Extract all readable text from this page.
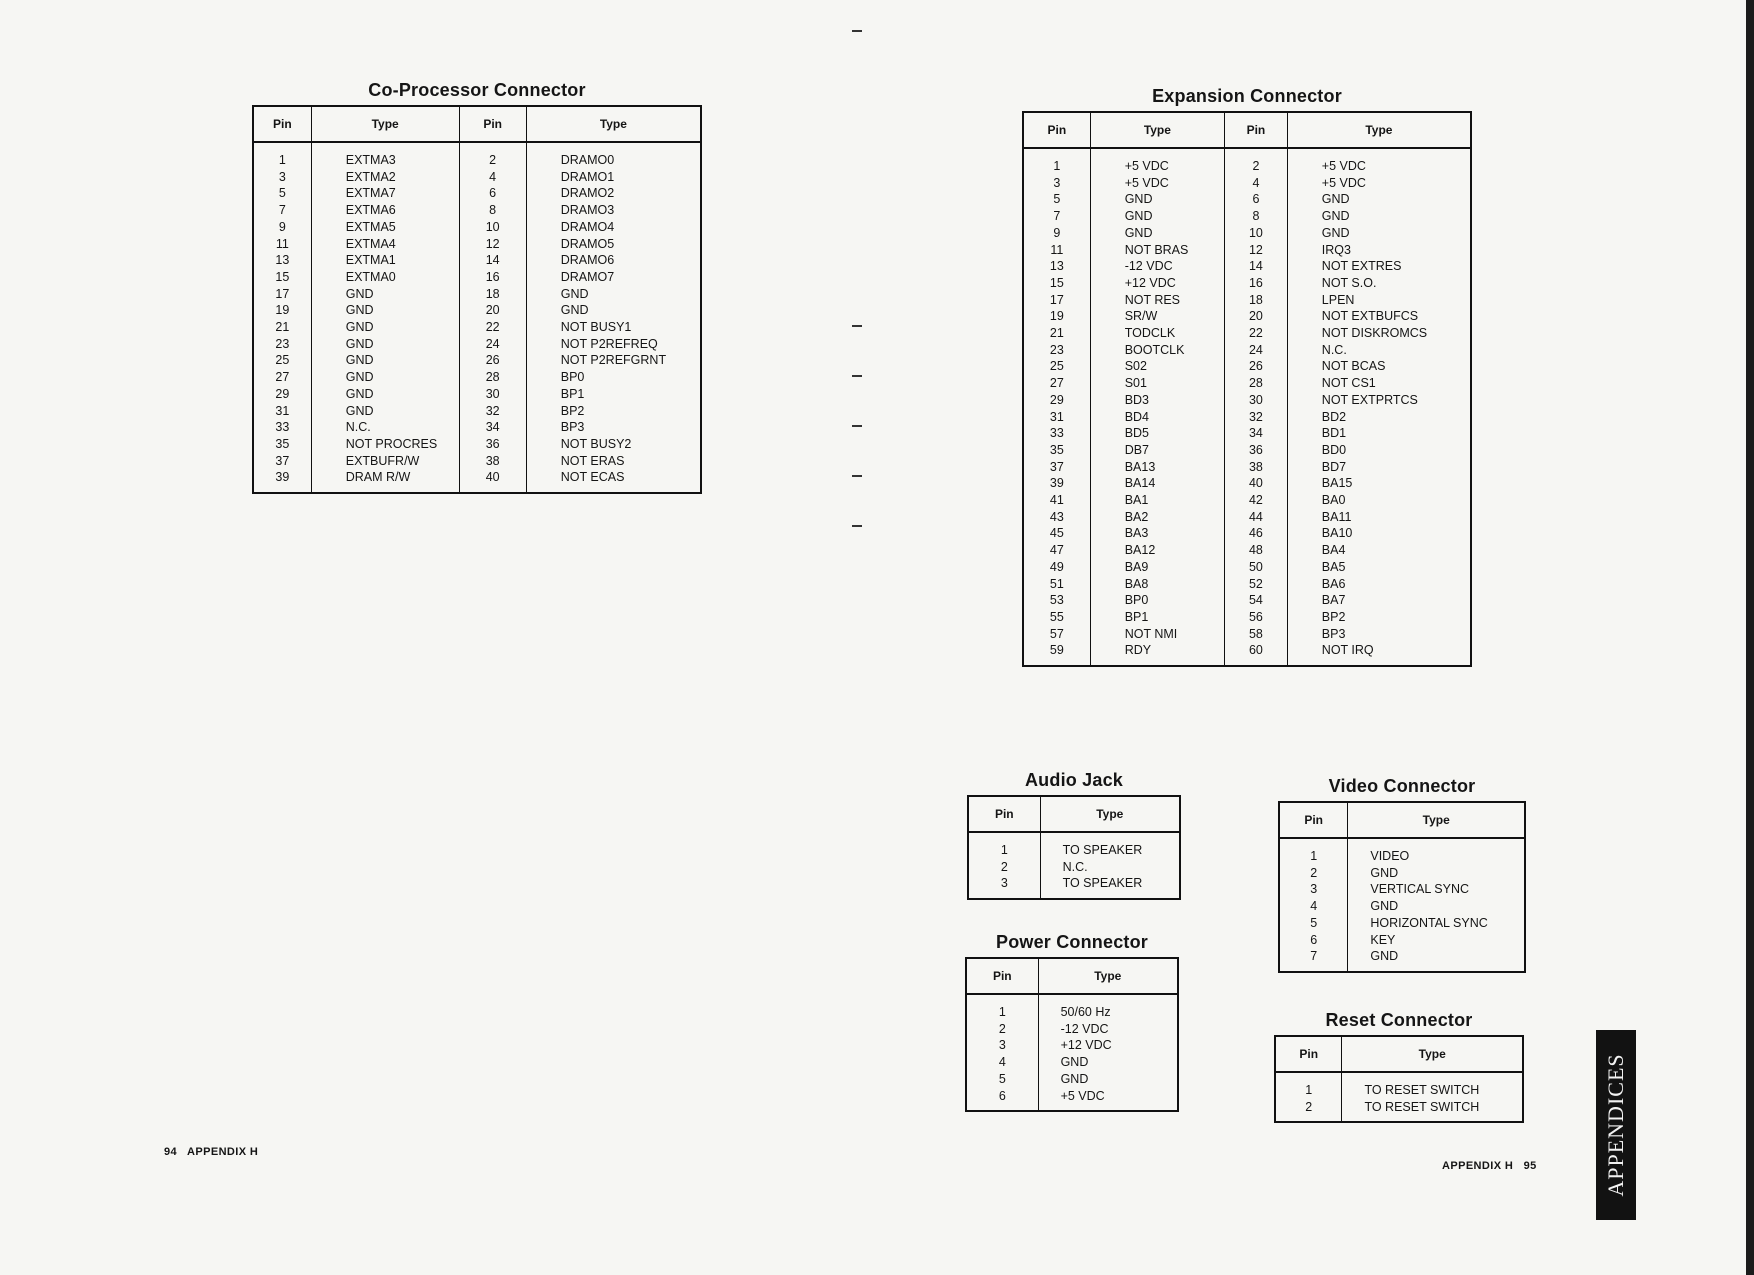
Co-Processor Connector
Pin	Type	Pin	Type
1	EXTMA3	2	DRAMO0
3	EXTMA2	4	DRAMO1
5	EXTMA7	6	DRAMO2
7	EXTMA6	8	DRAMO3
9	EXTMA5	10	DRAMO4
11	EXTMA4	12	DRAMO5
13	EXTMA1	14	DRAMO6
15	EXTMA0	16	DRAMO7
17	GND	18	GND
19	GND	20	GND
21	GND	22	NOT BUSY1
23	GND	24	NOT P2REFREQ
25	GND	26	NOT P2REFGRNT
27	GND	28	BP0
29	GND	30	BP1
31	GND	32	BP2
33	N.C.	34	BP3
35	NOT PROCRES	36	NOT BUSY2
37	EXTBUFR/W	38	NOT ERAS
39	DRAM R/W	40	NOT ECAS
94 APPENDIX H
Expansion Connector
Pin	Type	Pin	Type
1	+5 VDC	2	+5 VDC
3	+5 VDC	4	+5 VDC
5	GND	6	GND
7	GND	8	GND
9	GND	10	GND
11	NOT BRAS	12	IRQ3
13	-12 VDC	14	NOT EXTRES
15	+12 VDC	16	NOT S.O.
17	NOT RES	18	LPEN
19	SR/W	20	NOT EXTBUFCS
21	TODCLK	22	NOT DISKROMCS
23	BOOTCLK	24	N.C.
25	S02	26	NOT BCAS
27	S01	28	NOT CS1
29	BD3	30	NOT EXTPRTCS
31	BD4	32	BD2
33	BD5	34	BD1
35	DB7	36	BD0
37	BA13	38	BD7
39	BA14	40	BA15
41	BA1	42	BA0
43	BA2	44	BA11
45	BA3	46	BA10
47	BA12	48	BA4
49	BA9	50	BA5
51	BA8	52	BA6
53	BP0	54	BA7
55	BP1	56	BP2
57	NOT NMI	58	BP3
59	RDY	60	NOT IRQ
Audio Jack
Pin	Type
1	TO SPEAKER
2	N.C.
3	TO SPEAKER
Power Connector
Pin	Type
1	50/60 Hz
2	-12 VDC
3	+12 VDC
4	GND
5	GND
6	+5 VDC
Video Connector
Pin	Type
1	VIDEO
2	GND
3	VERTICAL SYNC
4	GND
5	HORIZONTAL SYNC
6	KEY
7	GND
Reset Connector
Pin	Type
1	TO RESET SWITCH
2	TO RESET SWITCH
APPENDIX H 95	APPENDICES
